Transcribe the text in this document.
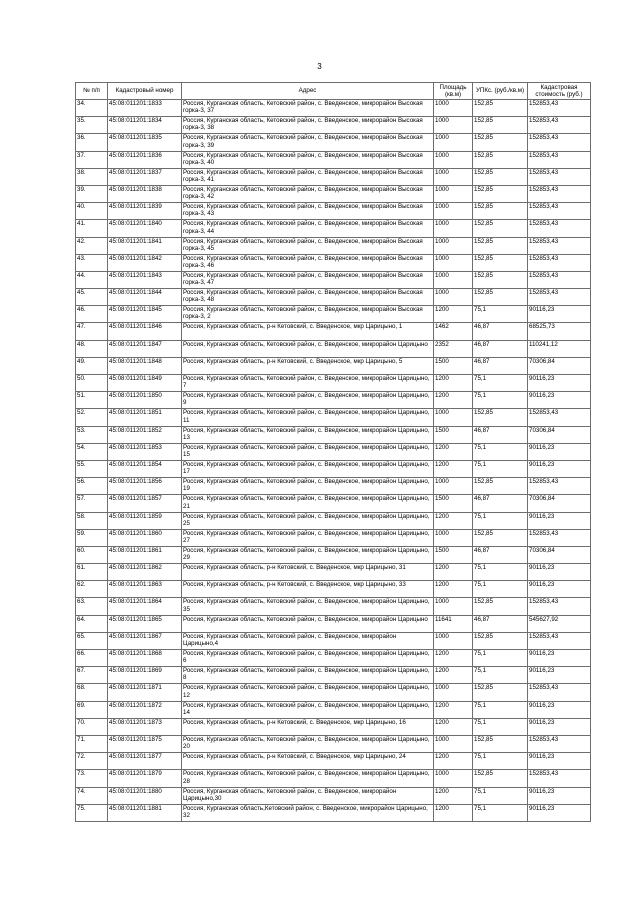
3
№ п/п	Кадастровый номер	Адрес	Площадь (кв.м)	УПКс. (руб./кв.м)	Кадастровая стоимость (руб.)
34.	45:08:011201:1833	Россия, Курганская область, Кетовский район, с. Введенское, микрорайон Высокая горка-3, 37	1000	152,85	152853,43
35.	45:08:011201:1834	Россия, Курганская область, Кетовский район, с. Введенское, микрорайон Высокая горка-3, 38	1000	152,85	152853,43
36.	45:08:011201:1835	Россия, Курганская область, Кетовский район, с. Введенское, микрорайон Высокая горка-3, 39	1000	152,85	152853,43
37.	45:08:011201:1836	Россия, Курганская область, Кетовский район, с. Введенское, микрорайон Высокая горка-3, 40	1000	152,85	152853,43
38.	45:08:011201:1837	Россия, Курганская область, Кетовский район, с. Введенское, микрорайон Высокая горка-3, 41	1000	152,85	152853,43
39.	45:08:011201:1838	Россия, Курганская область, Кетовский район, с. Введенское, микрорайон Высокая горка-3, 42	1000	152,85	152853,43
40.	45:08:011201:1839	Россия, Курганская область, Кетовский район, с. Введенское, микрорайон Высокая горка-3, 43	1000	152,85	152853,43
41.	45:08:011201:1840	Россия, Курганская область, Кетовский район, с. Введенское, микрорайон Высокая горка-3, 44	1000	152,85	152853,43
42.	45:08:011201:1841	Россия, Курганская область, Кетовский район, с. Введенское, микрорайон Высокая горка-3, 45	1000	152,85	152853,43
43.	45:08:011201:1842	Россия, Курганская область, Кетовский район, с. Введенское, микрорайон Высокая горка-3, 46	1000	152,85	152853,43
44.	45:08:011201:1843	Россия, Курганская область, Кетовский район, с. Введенское, микрорайон Высокая горка-3, 47	1000	152,85	152853,43
45.	45:08:011201:1844	Россия, Курганская область, Кетовский район, с. Введенское, микрорайон Высокая горка-3, 48	1000	152,85	152853,43
46.	45:08:011201:1845	Россия, Курганская область, Кетовский район, с. Введенское, микрорайон Высокая горка-3, 2	1200	75,1	90116,23
47.	45:08:011201:1846	Россия, Курганская область, р-н Кетовский, с. Введенское, мкр Царицыно, 1	1462	46,87	68525,73
48.	45:08:011201:1847	Россия, Курганская область, Кетовский район, с. Введенское, микрорайон Царицыно	2352	46,87	110241,12
49.	45:08:011201:1848	Россия, Курганская область, р-н Кетовский, с. Введенское, мкр Царицыно, 5	1500	46,87	70306,84
50.	45:08:011201:1849	Россия, Курганская область, Кетовский район, с. Введенское, микрорайон Царицыно, 7	1200	75,1	90116,23
51.	45:08:011201:1850	Россия, Курганская область, Кетовский район, с. Введенское, микрорайон Царицыно, 9	1200	75,1	90116,23
52.	45:08:011201:1851	Россия, Курганская область, Кетовский район, с. Введенское, микрорайон Царицыно, 11	1000	152,85	152853,43
53.	45:08:011201:1852	Россия, Курганская область, Кетовский район, с. Введенское, микрорайон Царицыно, 13	1500	46,87	70306,84
54.	45:08:011201:1853	Россия, Курганская область, Кетовский район, с. Введенское, микрорайон Царицыно, 15	1200	75,1	90116,23
55.	45:08:011201:1854	Россия, Курганская область, Кетовский район, с. Введенское, микрорайон Царицыно, 17	1200	75,1	90116,23
56.	45:08:011201:1856	Россия, Курганская область, Кетовский район, с. Введенское, микрорайон Царицыно, 19	1000	152,85	152853,43
57.	45:08:011201:1857	Россия, Курганская область, Кетовский район, с. Введенское, микрорайон Царицыно, 21	1500	46,87	70306,84
58.	45:08:011201:1859	Россия, Курганская область, Кетовский район, с. Введенское, микрорайон Царицыно, 25	1200	75,1	90116,23
59.	45:08:011201:1860	Россия, Курганская область, Кетовский район, с. Введенское, микрорайон Царицыно, 27	1000	152,85	152853,43
60.	45:08:011201:1861	Россия, Курганская область, Кетовский район, с. Введенское, микрорайон Царицыно, 29	1500	46,87	70306,84
61.	45:08:011201:1862	Россия, Курганская область, р-н Кетовский, с. Введенское, мкр Царицыно, 31	1200	75,1	90116,23
62.	45:08:011201:1863	Россия, Курганская область, р-н Кетовский, с. Введенское, мкр Царицыно, 33	1200	75,1	90116,23
63.	45:08:011201:1864	Россия, Курганская область, Кетовский район, с. Введенское, микрорайон Царицыно, 35	1000	152,85	152853,43
64.	45:08:011201:1865	Россия, Курганская область, Кетовский район, с. Введенское, микрорайон Царицыно	11641	46,87	545627,92
65.	45:08:011201:1867	Россия, Курганская область, Кетовский район, с. Введенское, микрорайон Царицыно,4	1000	152,85	152853,43
66.	45:08:011201:1868	Россия, Курганская область, Кетовский район, с. Введенское, микрорайон Царицыно, 6	1200	75,1	90116,23
67.	45:08:011201:1869	Россия, Курганская область, Кетовский район, с. Введенское, микрорайон Царицыно, 8	1200	75,1	90116,23
68.	45:08:011201:1871	Россия, Курганская область, Кетовский район, с. Введенское, микрорайон Царицыно, 12	1000	152,85	152853,43
69.	45:08:011201:1872	Россия, Курганская область, Кетовский район, с. Введенское, микрорайон Царицыно, 14	1200	75,1	90116,23
70.	45:08:011201:1873	Россия, Курганская область, р-н Кетовский, с. Введенское, мкр Царицыно, 16	1200	75,1	90116,23
71.	45:08:011201:1875	Россия, Курганская область, Кетовский район, с. Введенское, микрорайон Царицыно, 20	1000	152,85	152853,43
72.	45:08:011201:1877	Россия, Курганская область, р-н Кетовский, с. Введенское, мкр Царицыно, 24	1200	75,1	90116,23
73.	45:08:011201:1879	Россия, Курганская область, Кетовский район, с. Введенское, микрорайон Царицыно, 28	1000	152,85	152853,43
74.	45:08:011201:1880	Россия, Курганская область, Кетовский район, с. Введенское, микрорайон Царицыно,30	1200	75,1	90116,23
75.	45:08:011201:1881	Россия, Курганская область,Кетовский район, с. Введенское, микрорайон Царицыно, 32	1200	75,1	90116,23
